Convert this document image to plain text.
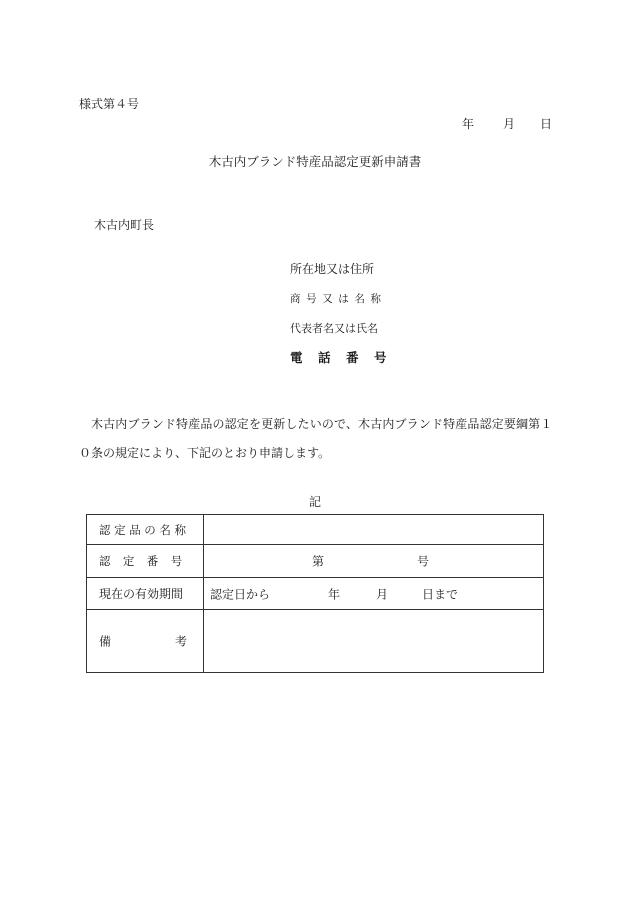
様式第４号
年 月 日
木古内ブランド特産品認定更新申請書
木古内町長
所在地又は住所
商号又は名称
代表者名又は氏名
電話番号
木古内ブランド特産品の認定を更新したいので、木古内ブランド特産品認定要綱第１
０条の規定により、下記のとおり申請します。
記
認定品の名称	
認定番号	第 号

現在の有効期間	認定日から 年 月 日まで

備 考	
